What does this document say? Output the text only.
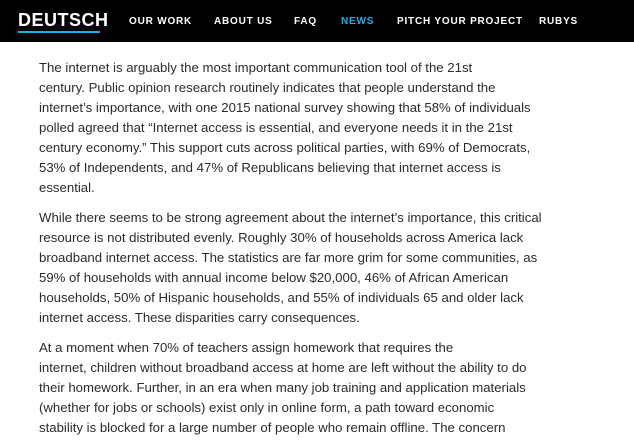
DEUTSCH OUR WORK ABOUT US FAQ NEWS PITCH YOUR PROJECT RUBYS

The internet is arguably the most important communication tool of the 21st
century. Public opinion research routinely indicates that people understand the
internet’s importance, with one 2015 national survey showing that 58% of individuals
polled agreed that “Internet access is essential, and everyone needs it in the 21st
century economy.” This support cuts across political parties, with 69% of Democrats,
53% of Independents, and 47% of Republicans believing that internet access is
essential.

While there seems to be strong agreement about the internet’s importance, this critical
resource is not distributed evenly. Roughly 30% of households across America lack
broadband internet access. The statistics are far more grim for some communities, as
59% of households with annual income below $20,000, 46% of African American
households, 50% of Hispanic households, and 55% of individuals 65 and older lack
internet access. These disparities carry consequences.

At a moment when 70% of teachers assign homework that requires the
internet, children without broadband access at home are left without the ability to do
their homework. Further, in an era when many job training and application materials
(whether for jobs or schools) exist only in online form, a path toward economic
stability is blocked for a large number of people who remain offline. The concern
